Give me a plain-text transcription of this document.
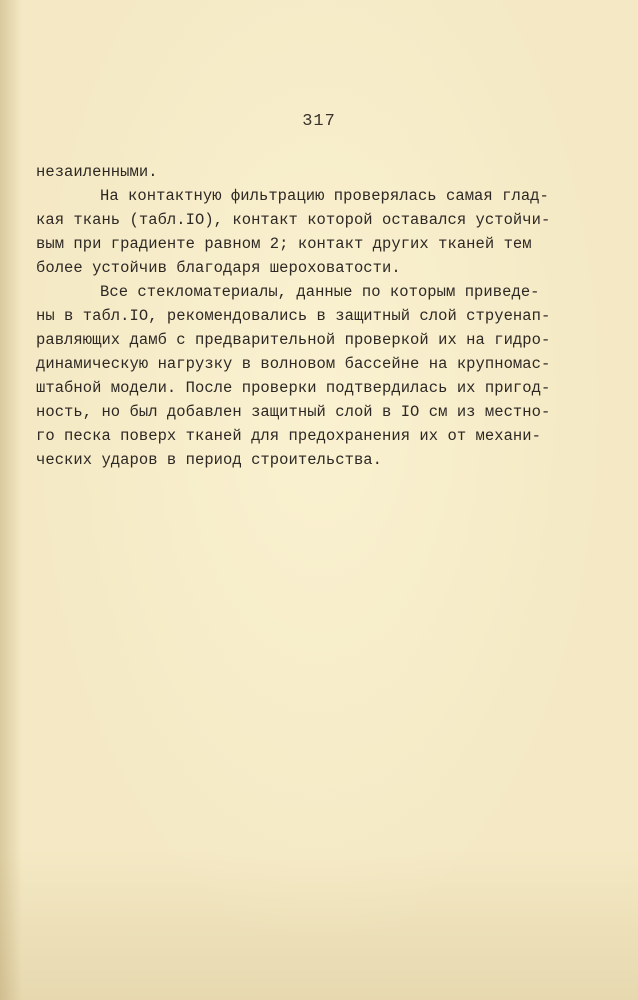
317
незаиленными.
На контактную фильтрацию проверялась самая глад-
кая ткань (табл.IO), контакт которой оставался устойчи-
вым при градиенте равном 2; контакт других тканей тем
более устойчив благодаря шероховатости.
Все стекломатериалы, данные по которым приведе-
ны в табл.IO, рекомендовались в защитный слой струенап-
равляющих дамб с предварительной проверкой их на гидро-
динамическую нагрузку в волновом бассейне на крупномас-
штабной модели. После проверки подтвердилась их пригод-
ность, но был добавлен защитный слой в IO см из местно-
го песка поверх тканей для предохранения их от механи-
ческих ударов в период строительства.
